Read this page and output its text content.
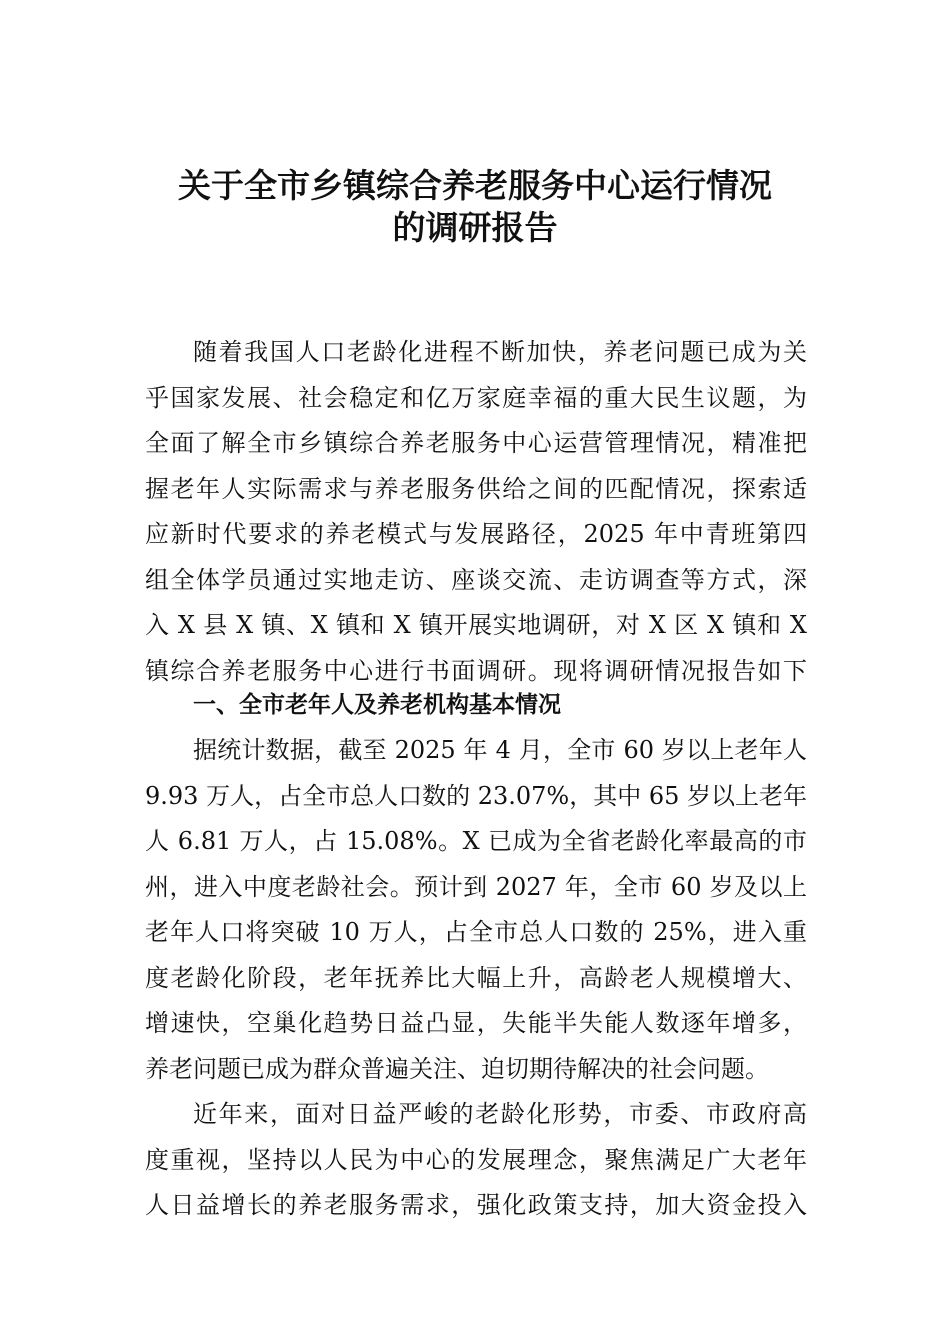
关于全市乡镇综合养老服务中心运行情况
的调研报告
随着我国人口老龄化进程不断加快，养老问题已成为关
乎国家发展、社会稳定和亿万家庭幸福的重大民生议题，为
全面了解全市乡镇综合养老服务中心运营管理情况，精准把
握老年人实际需求与养老服务供给之间的匹配情况，探索适
应新时代要求的养老模式与发展路径，2025 年中青班第四
组全体学员通过实地走访、座谈交流、走访调查等方式，深
入 X 县 X 镇、X 镇和 X 镇开展实地调研，对 X 区 X 镇和 X
镇综合养老服务中心进行书面调研。现将调研情况报告如下
一、全市老年人及养老机构基本情况
据统计数据，截至 2025 年 4 月，全市 60 岁以上老年人
9.93 万人，占全市总人口数的 23.07%，其中 65 岁以上老年
人 6.81 万人，占 15.08%。X 已成为全省老龄化率最高的市
州，进入中度老龄社会。预计到 2027 年，全市 60 岁及以上
老年人口将突破 10 万人，占全市总人口数的 25%，进入重
度老龄化阶段，老年抚养比大幅上升，高龄老人规模增大、
增速快，空巢化趋势日益凸显，失能半失能人数逐年增多，
养老问题已成为群众普遍关注、迫切期待解决的社会问题。
近年来，面对日益严峻的老龄化形势，市委、市政府高
度重视，坚持以人民为中心的发展理念，聚焦满足广大老年
人日益增长的养老服务需求，强化政策支持，加大资金投入
